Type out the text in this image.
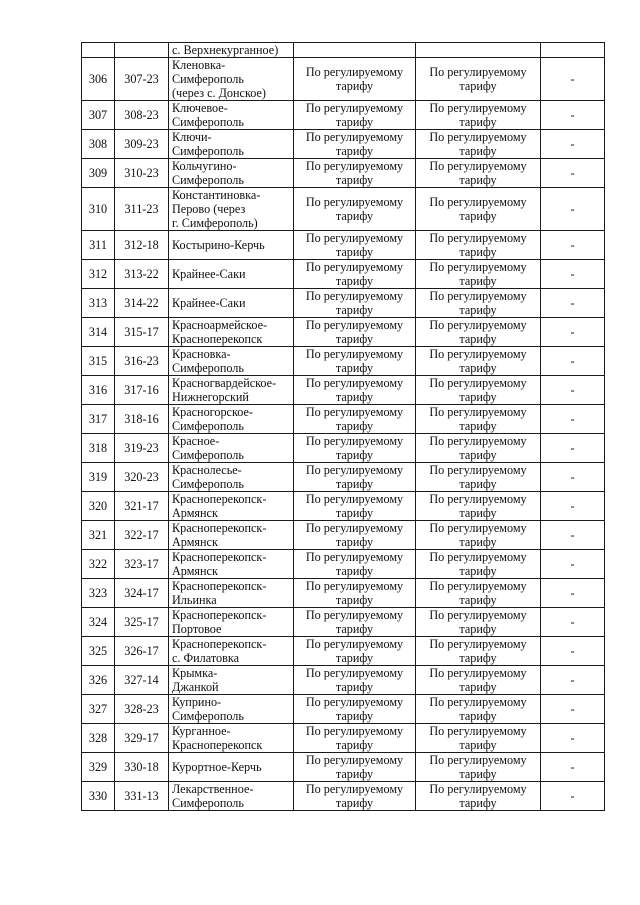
		с. Верхнекурганное)			
306	307-23	Кленовка-
Симферополь
(через с. Донское)	По регулируемому
тарифу	По регулируемому
тарифу	-
307	308-23	Ключевое-
Симферополь	По регулируемому
тарифу	По регулируемому
тарифу	-
308	309-23	Ключи-
Симферополь	По регулируемому
тарифу	По регулируемому
тарифу	-
309	310-23	Кольчугино-
Симферополь	По регулируемому
тарифу	По регулируемому
тарифу	-
310	311-23	Константиновка-
Перово (через
г. Симферополь)	По регулируемому
тарифу	По регулируемому
тарифу	-
311	312-18	Костырино-Керчь	По регулируемому
тарифу	По регулируемому
тарифу	-
312	313-22	Крайнее-Саки	По регулируемому
тарифу	По регулируемому
тарифу	-
313	314-22	Крайнее-Саки	По регулируемому
тарифу	По регулируемому
тарифу	-
314	315-17	Красноармейское-
Красноперекопск	По регулируемому
тарифу	По регулируемому
тарифу	-
315	316-23	Красновка-
Симферополь	По регулируемому
тарифу	По регулируемому
тарифу	-
316	317-16	Красногвардейское-
Нижнегорский	По регулируемому
тарифу	По регулируемому
тарифу	-
317	318-16	Красногорское-
Симферополь	По регулируемому
тарифу	По регулируемому
тарифу	-
318	319-23	Красное-
Симферополь	По регулируемому
тарифу	По регулируемому
тарифу	-
319	320-23	Краснолесье-
Симферополь	По регулируемому
тарифу	По регулируемому
тарифу	-
320	321-17	Красноперекопск-
Армянск	По регулируемому
тарифу	По регулируемому
тарифу	-
321	322-17	Красноперекопск-
Армянск	По регулируемому
тарифу	По регулируемому
тарифу	-
322	323-17	Красноперекопск-
Армянск	По регулируемому
тарифу	По регулируемому
тарифу	-
323	324-17	Красноперекопск-
Ильинка	По регулируемому
тарифу	По регулируемому
тарифу	-
324	325-17	Красноперекопск-
Портовое	По регулируемому
тарифу	По регулируемому
тарифу	-
325	326-17	Красноперекопск-
с. Филатовка	По регулируемому
тарифу	По регулируемому
тарифу	-
326	327-14	Крымка-
Джанкой	По регулируемому
тарифу	По регулируемому
тарифу	-
327	328-23	Куприно-
Симферополь	По регулируемому
тарифу	По регулируемому
тарифу	-
328	329-17	Курганное-
Красноперекопск	По регулируемому
тарифу	По регулируемому
тарифу	-
329	330-18	Курортное-Керчь	По регулируемому
тарифу	По регулируемому
тарифу	-
330	331-13	Лекарственное-
Симферополь	По регулируемому
тарифу	По регулируемому
тарифу	-
